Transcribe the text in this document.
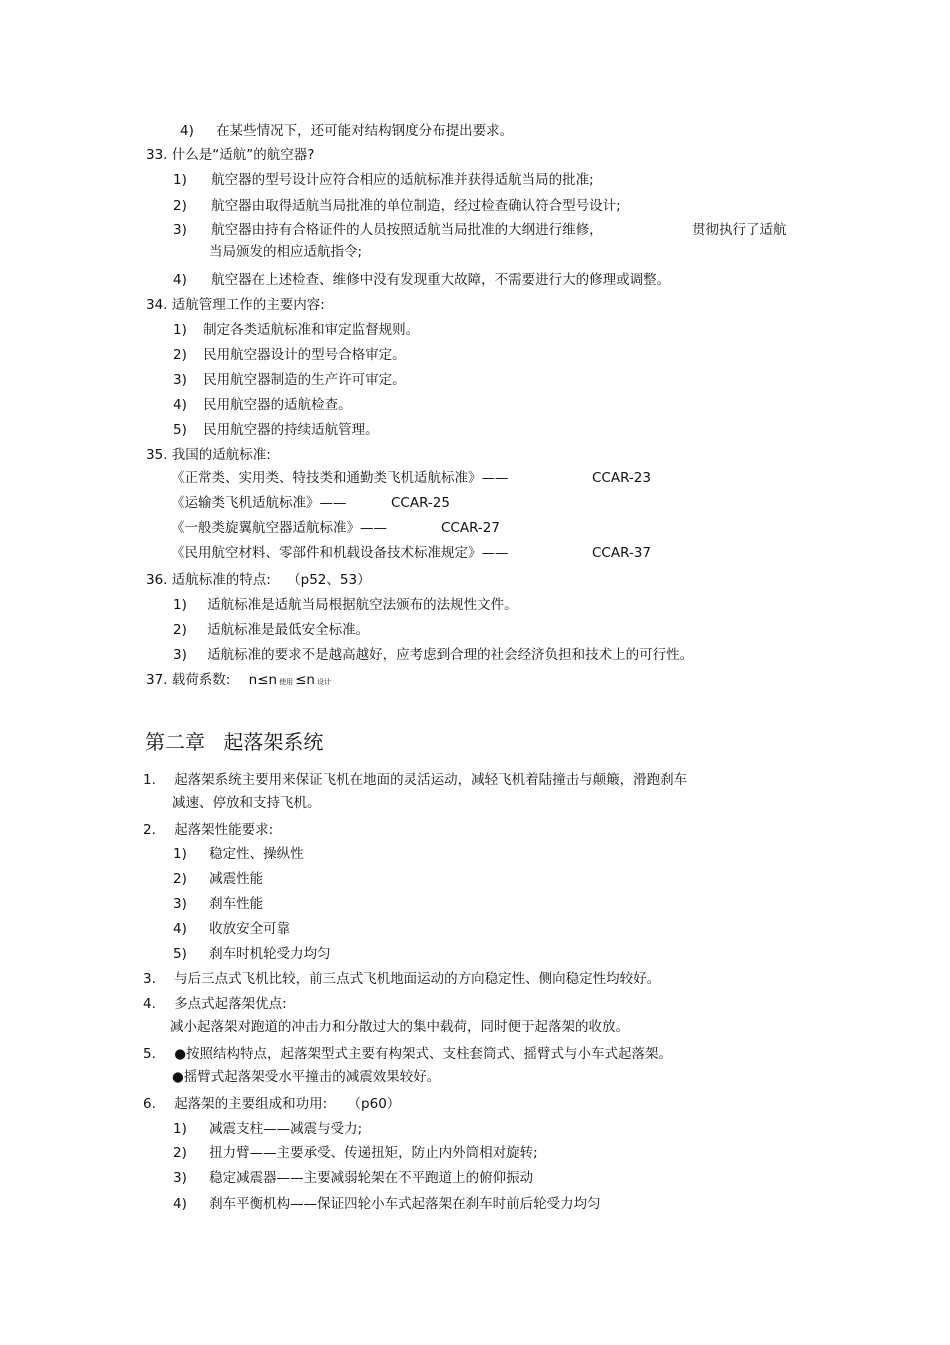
4) 在某些情况下，还可能对结构钢度分布提出要求。
33. 什么是“适航”的航空器?
1) 航空器的型号设计应符合相应的适航标准并获得适航当局的批准;
2) 航空器由取得适航当局批准的单位制造，经过检查确认符合型号设计;
3) 航空器由持有合格证件的人员按照适航当局批准的大纲进行维修，	贯彻执行了适航
当局颁发的相应适航指令;
4) 航空器在上述检查、维修中没有发现重大故障，不需要进行大的修理或调整。
34. 适航管理工作的主要内容:
1) 制定各类适航标准和审定监督规则。
2) 民用航空器设计的型号合格审定。
3) 民用航空器制造的生产许可审定。
4) 民用航空器的适航检查。
5) 民用航空器的持续适航管理。
35. 我国的适航标准:
《正常类、实用类、特技类和通勤类飞机适航标准》——	CCAR-23
《运输类飞机适航标准》——	CCAR-25
《一般类旋翼航空器适航标准》——	CCAR-27
《民用航空材料、零部件和机载设备技术标准规定》——	CCAR-37
36. 适航标准的特点: （p52、53）
1) 适航标准是适航当局根据航空法颁布的法规性文件。
2) 适航标准是最低安全标准。
3) 适航标准的要求不是越高越好，应考虑到合理的社会经济负担和技术上的可行性。
37. 载荷系数: n≤n 使用 ≤n 设计
第二章 起落架系统
1. 起落架系统主要用来保证飞机在地面的灵活运动，减轻飞机着陆撞击与颠簸，滑跑刹车
减速、停放和支持飞机。
2. 起落架性能要求:
1) 稳定性、操纵性
2) 减震性能
3) 刹车性能
4) 收放安全可靠
5) 刹车时机轮受力均匀
3. 与后三点式飞机比较，前三点式飞机地面运动的方向稳定性、侧向稳定性均较好。
4. 多点式起落架优点:
减小起落架对跑道的冲击力和分散过大的集中载荷，同时便于起落架的收放。
5. ●按照结构特点，起落架型式主要有构架式、支柱套筒式、摇臂式与小车式起落架。
●摇臂式起落架受水平撞击的减震效果较好。
6. 起落架的主要组成和功用: （p60）
1) 减震支柱——减震与受力;
2) 扭力臂——主要承受、传递扭矩，防止内外筒相对旋转;
3) 稳定减震器——主要减弱轮架在不平跑道上的俯仰振动
4) 刹车平衡机构——保证四轮小车式起落架在刹车时前后轮受力均匀
